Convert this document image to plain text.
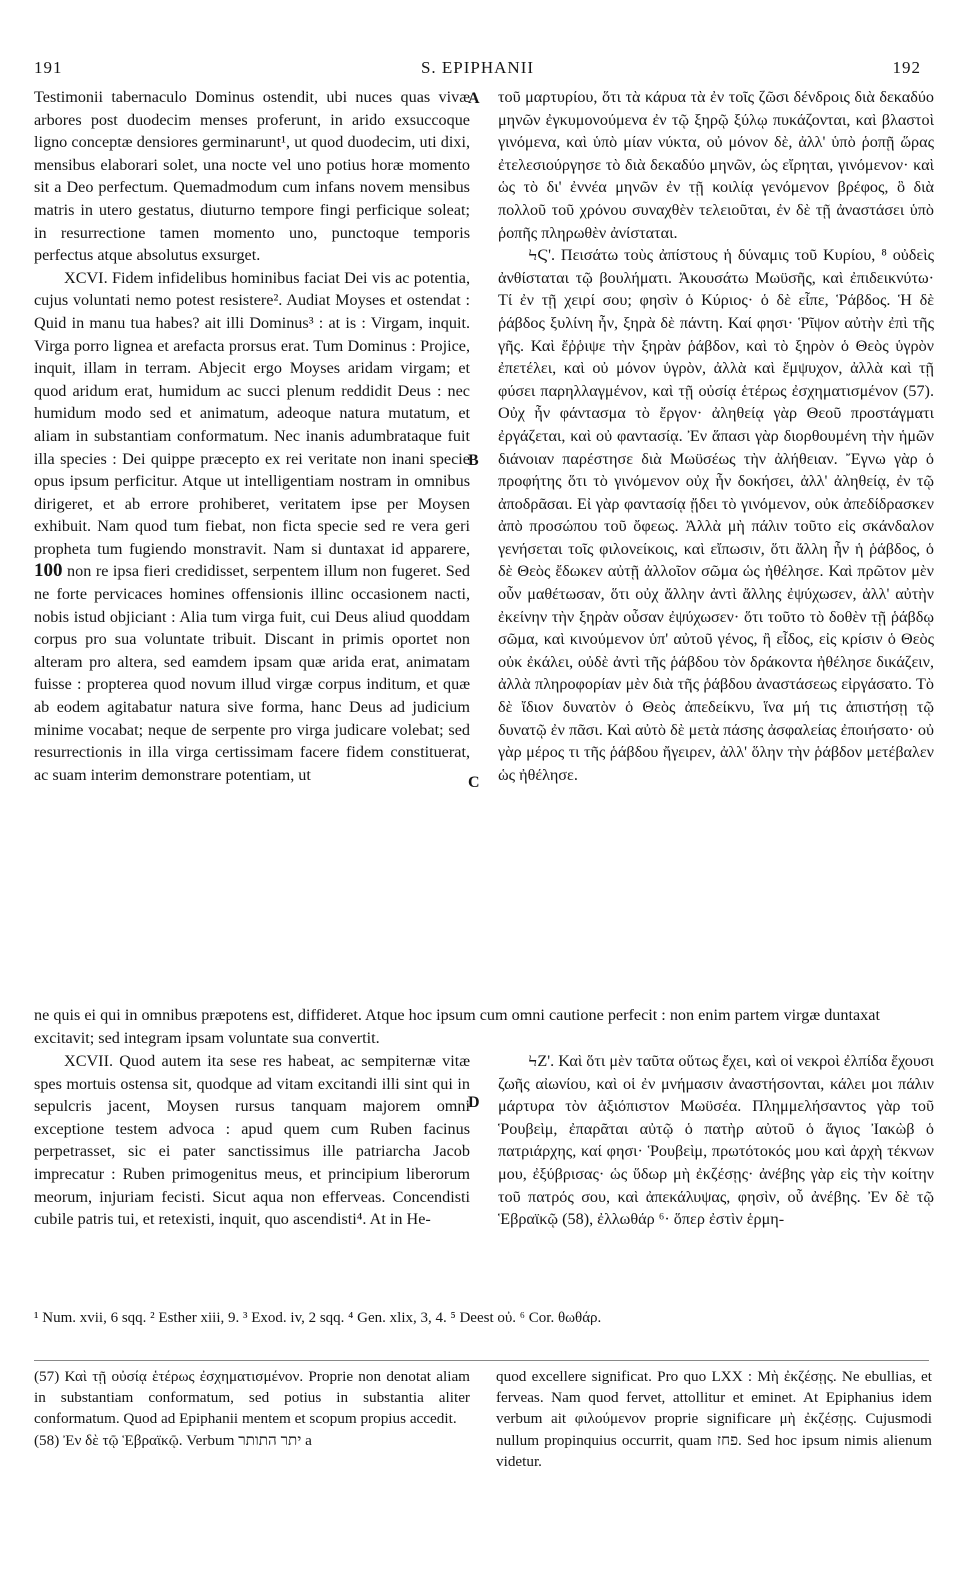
191	S. EPIPHANII	192

Testimonii tabernaculo Dominus ostendit, ubi nuces quas vivæ arbores post duodecim menses proferunt, in arido exsuccoque ligno conceptæ densiores germinarunt¹, ut quod duodecim, uti dixi, mensibus elaborari solet, una nocte vel uno potius horæ momento sit a Deo perfectum. Quemadmodum cum infans novem mensibus matris in utero gestatus, diuturno tempore fingi perficique soleat; in resurrectione tamen momento uno, punctoque temporis perfectus atque absolutus exsurget.

XCVI. Fidem infidelibus hominibus faciat Dei vis ac potentia, cujus voluntati nemo potest resistere². Audiat Moyses et ostendat : Quid in manu tua habes? ait illi Dominus³ : at is : Virgam, inquit. Virga porro lignea et arefacta prorsus erat. Tum Dominus : Projice, inquit, illam in terram. Abjecit ergo Moyses aridam virgam; et quod aridum erat, humidum ac succi plenum reddidit Deus : nec humidum modo sed et animatum, adeoque natura mutatum, et aliam in substantiam conformatum. Nec inanis adumbrataque fuit illa species : Dei quippe præcepto ex rei veritate non inani specie opus ipsum perficitur. Atque ut intelligentiam nostram in omnibus dirigeret, et ab errore prohiberet, veritatem ipse per Moysen exhibuit. Nam quod tum fiebat, non ficta specie sed re vera geri propheta tum fugiendo monstravit. Nam si duntaxat id apparere, 100 non re ipsa fieri credidisset, serpentem illum non fugeret. Sed ne forte pervicaces homines offensionis illinc occasionem nacti, nobis istud objiciant : Alia tum virga fuit, cui Deus aliud quoddam corpus pro sua voluntate tribuit. Discant in primis oportet non alteram pro altera, sed eamdem ipsam quæ arida erat, animatam fuisse : propterea quod novum illud virgæ corpus inditum, et quæ ab eodem agitabatur natura sive forma, hanc Deus ad judicium minime vocabat; neque de serpente pro virga judicare volebat; sed resurrectionis in illa virga certissimam facere fidem constituerat, ac suam interim demonstrare potentiam, ut

A
B
C

τοῦ μαρτυρίου, ὅτι τὰ κάρυα τὰ ἐν τοῖς ζῶσι δένδροις διὰ δεκαδύο μηνῶν ἐγκυμονούμενα ἐν τῷ ξηρῷ ξύλῳ πυκάζονται, καὶ βλαστοὶ γινόμενα, καὶ ὑπὸ μίαν νύκτα, οὐ μόνον δὲ, ἀλλ' ὑπὸ ῥοπῇ ὥρας ἐτελεσιούργησε τὸ διὰ δεκαδύο μηνῶν, ὡς εἴρηται, γινόμενον· καὶ ὡς τὸ δι' ἐννέα μηνῶν ἐν τῇ κοιλίᾳ γενόμενον βρέφος, ὃ διὰ πολλοῦ τοῦ χρόνου συναχθὲν τελειοῦται, ἐν δὲ τῇ ἀναστάσει ὑπὸ ῥοπῆς πληρωθὲν ἀνίσταται.

ϞϚ'. Πεισάτω τοὺς ἀπίστους ἡ δύναμις τοῦ Κυρίου, ⁸ οὐδεὶς ἀνθίσταται τῷ βουλήματι. Ἀκουσάτω Μωϋσῆς, καὶ ἐπιδεικνύτω· Τί ἐν τῇ χειρί σου; φησὶν ὁ Κύριος· ὁ δὲ εἶπε, Ῥάβδος. Ἡ δὲ ῥάβδος ξυλίνη ἦν, ξηρὰ δὲ πάντη. Καί φησι· Ῥῖψον αὐτὴν ἐπὶ τῆς γῆς. Καὶ ἔῤῥιψε τὴν ξηρὰν ῥάβδον, καὶ τὸ ξηρὸν ὁ Θεὸς ὑγρὸν ἐπετέλει, καὶ οὐ μόνον ὑγρὸν, ἀλλὰ καὶ ἔμψυχον, ἀλλὰ καὶ τῇ φύσει παρηλλαγμένον, καὶ τῇ οὐσίᾳ ἑτέρως ἐσχηματισμένον (57). Οὐχ ἦν φάντασμα τὸ ἔργον· ἀληθείᾳ γὰρ Θεοῦ προστάγματι ἐργάζεται, καὶ οὐ φαντασίᾳ. Ἐν ἅπασι γὰρ διορθουμένη τὴν ἡμῶν διάνοιαν παρέστησε διὰ Μωϋσέως τὴν ἀλήθειαν. Ἔγνω γὰρ ὁ προφήτης ὅτι τὸ γινόμενον οὐχ ἦν δοκήσει, ἀλλ' ἀληθείᾳ, ἐν τῷ ἀποδρᾶσαι. Εἰ γὰρ φαντασίᾳ ᾔδει τὸ γινόμενον, οὐκ ἀπεδίδρασκεν ἀπὸ προσώπου τοῦ ὄφεως. Ἀλλὰ μὴ πάλιν τοῦτο εἰς σκάνδαλον γενήσεται τοῖς φιλονείκοις, καὶ εἴπωσιν, ὅτι ἄλλη ἦν ἡ ῥάβδος, ὁ δὲ Θεὸς ἔδωκεν αὐτῇ ἀλλοῖον σῶμα ὡς ἠθέλησε. Καὶ πρῶτον μὲν οὖν μαθέτωσαν, ὅτι οὐχ ἄλλην ἀντὶ ἄλλης ἐψύχωσεν, ἀλλ' αὐτὴν ἐκείνην τὴν ξηρὰν οὖσαν ἐψύχωσεν· ὅτι τοῦτο τὸ δοθὲν τῇ ῥάβδῳ σῶμα, καὶ κινούμενον ὑπ' αὐτοῦ γένος, ἢ εἶδος, εἰς κρίσιν ὁ Θεὸς οὐκ ἐκάλει, οὐδὲ ἀντὶ τῆς ῥάβδου τὸν δράκοντα ἠθέλησε δικάζειν, ἀλλὰ πληροφορίαν μὲν διὰ τῆς ῥάβδου ἀναστάσεως εἰργάσατο. Τὸ δὲ ἴδιον δυνατὸν ὁ Θεὸς ἀπεδείκνυ, ἵνα μή τις ἀπιστήσῃ τῷ δυνατῷ ἐν πᾶσι. Καὶ αὐτὸ δὲ μετὰ πάσης ἀσφαλείας ἐποιήσατο· οὐ γὰρ μέρος τι τῆς ῥάβδου ἤγειρεν, ἀλλ' ὅλην τὴν ῥάβδον μετέβαλεν ὡς ἠθέλησε.

ne quis ei qui in omnibus præpotens est, diffideret. Atque hoc ipsum cum omni cautione perfecit : non enim partem virgæ duntaxat excitavit; sed integram ipsam voluntate sua convertit.

XCVII. Quod autem ita sese res habeat, ac sempiternæ vitæ spes mortuis ostensa sit, quodque ad vitam excitandi illi sint qui in sepulcris jacent, Moysen rursus tanquam majorem omni exceptione testem advoca : apud quem cum Ruben facinus perpetrasset, sic ei pater sanctissimus ille patriarcha Jacob imprecatur : Ruben primogenitus meus, et principium liberorum meorum, injuriam fecisti. Sicut aqua non efferveas. Concendisti cubile patris tui, et retexisti, inquit, quo ascendisti⁴. At in He-

D

ϞΖ'. Καὶ ὅτι μὲν ταῦτα οὕτως ἔχει, καὶ οἱ νεκροὶ ἐλπίδα ἔχουσι ζωῆς αἰωνίου, καὶ οἱ ἐν μνήμασιν ἀναστήσονται, κάλει μοι πάλιν μάρτυρα τὸν ἀξιόπιστον Μωϋσέα. Πλημμελήσαντος γὰρ τοῦ Ῥουβεὶμ, ἐπαρᾶται αὐτῷ ὁ πατὴρ αὐτοῦ ὁ ἅγιος Ἰακὼβ ὁ πατριάρχης, καί φησι· Ῥουβεὶμ, πρωτότοκός μου καὶ ἀρχὴ τέκνων μου, ἐξύβρισας· ὡς ὕδωρ μὴ ἐκζέσῃς· ἀνέβης γὰρ εἰς τὴν κοίτην τοῦ πατρός σου, καὶ ἀπεκάλυψας, φησὶν, οὗ ἀνέβης. Ἐν δὲ τῷ Ἑβραϊκῷ (58), ἐλλωθάρ ⁶· ὅπερ ἐστὶν ἑρμη-

¹ Num. xvii, 6 sqq. ² Esther xiii, 9. ³ Exod. iv, 2 sqq. ⁴ Gen. xlix, 3, 4. ⁵ Deest οὐ. ⁶ Cor. θωθάρ.

(57) Καὶ τῇ οὐσίᾳ ἑτέρως ἐσχηματισμένον. Proprie non denotat aliam in substantiam conformatum, sed potius in substantia aliter conformatum. Quod ad Epiphanii mentem et scopum propius accedit.

(58) Ἐν δὲ τῷ Ἑβραϊκῷ. Verbum יתר התותר a

quod excellere significat. Pro quo LXX : Μὴ ἐκζέσῃς. Ne ebullias, et ferveas. Nam quod fervet, attollitur et eminet. At Epiphanius idem verbum ait φιλούμενον proprie significare μὴ ἐκζέσῃς. Cujusmodi nullum propinquius occurrit, quam פחז. Sed hoc ipsum nimis alienum videtur.
